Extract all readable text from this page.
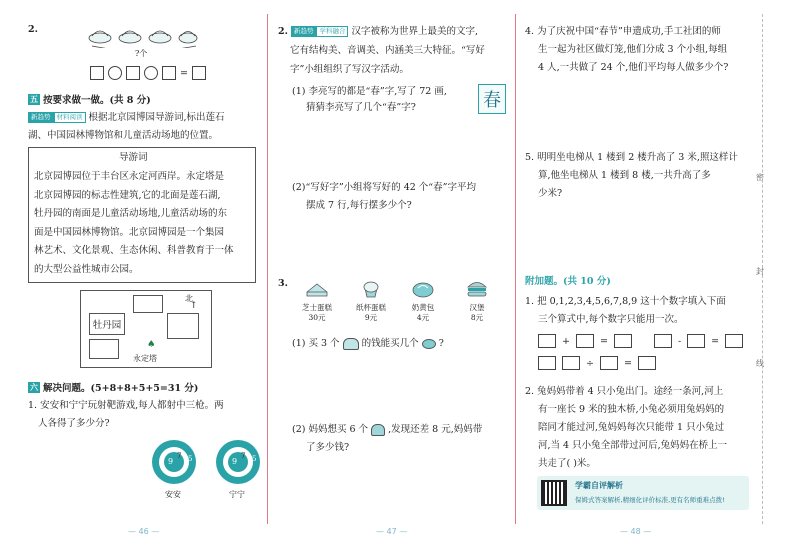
2.
?个
=
五 按要求做一做。(共 8 分)
新趋势 材料阅读 根据北京园博园导游词,标出莲石
湖、中国园林博物馆和儿童活动场地的位置。
导游词
北京园博园位于丰台区永定河西岸。永定塔是
北京园博园的标志性建筑,它的北面是莲石湖,
牡丹园的南面是儿童活动场地,儿童活动场的东
面是中国园林博物馆。北京园博园是一个集园
林艺术、文化景观、生态休闲、科普教育于一体
的大型公益性城市公园。
牡丹园
北
↑
♠
永定塔
六 解决问题。(5+8+8+5+5=31 分)
1. 安安和宁宁玩射靶游戏,每人都射中三枪。两
人各得了多少分?
9
7 5	9
7 5
安安	宁宁
— 46 —
2. 新趋势 学科融合 汉字被称为世界上最美的文字,
它有结构美、音调美、内涵美三大特征。“写好
字”小组组织了写汉字活动。
(1) 李亮写的都是“春”字,写了 72 画,
猜猜李亮写了几个“春”字?	春
(2)“写好字”小组将写好的 42 个“春”字平均
摆成 7 行,每行摆多少个?
3.
芝士蛋糕
30元
纸杯蛋糕
9元
奶黄包
4元
汉堡
8元
(1) 买 3 个 的钱能买几个 ?
(2) 妈妈想买 6 个 ,发现还差 8 元,妈妈带
了多少钱?
— 47 —
4. 为了庆祝中国“春节”申遗成功,手工社团的师
生一起为社区做灯笼,他们分成 3 个小组,每组
4 人,一共做了 24 个,他们平均每人做多少个?
5. 明明坐电梯从 1 楼到 2 楼升高了 3 米,照这样计
算,他坐电梯从 1 楼到 8 楼,一共升高了多
少米?
附加题。(共 10 分)
1. 把 0,1,2,3,4,5,6,7,8,9 这十个数字填入下面
三个算式中,每个数字只能用一次。
+	=	-	=
÷	=
2. 兔妈妈带着 4 只小兔出门。途经一条河,河上
有一座长 9 米的独木桥,小兔必须用兔妈妈的
陪同才能过河,兔妈妈每次只能带 1 只小兔过
河,当 4 只小兔全部带过河后,兔妈妈在桥上一
共走了( )米。
学霸自评解析
保姆式答案解析,精细化评价标准,更有名师重难点拨!
密
封
线
— 48 —
